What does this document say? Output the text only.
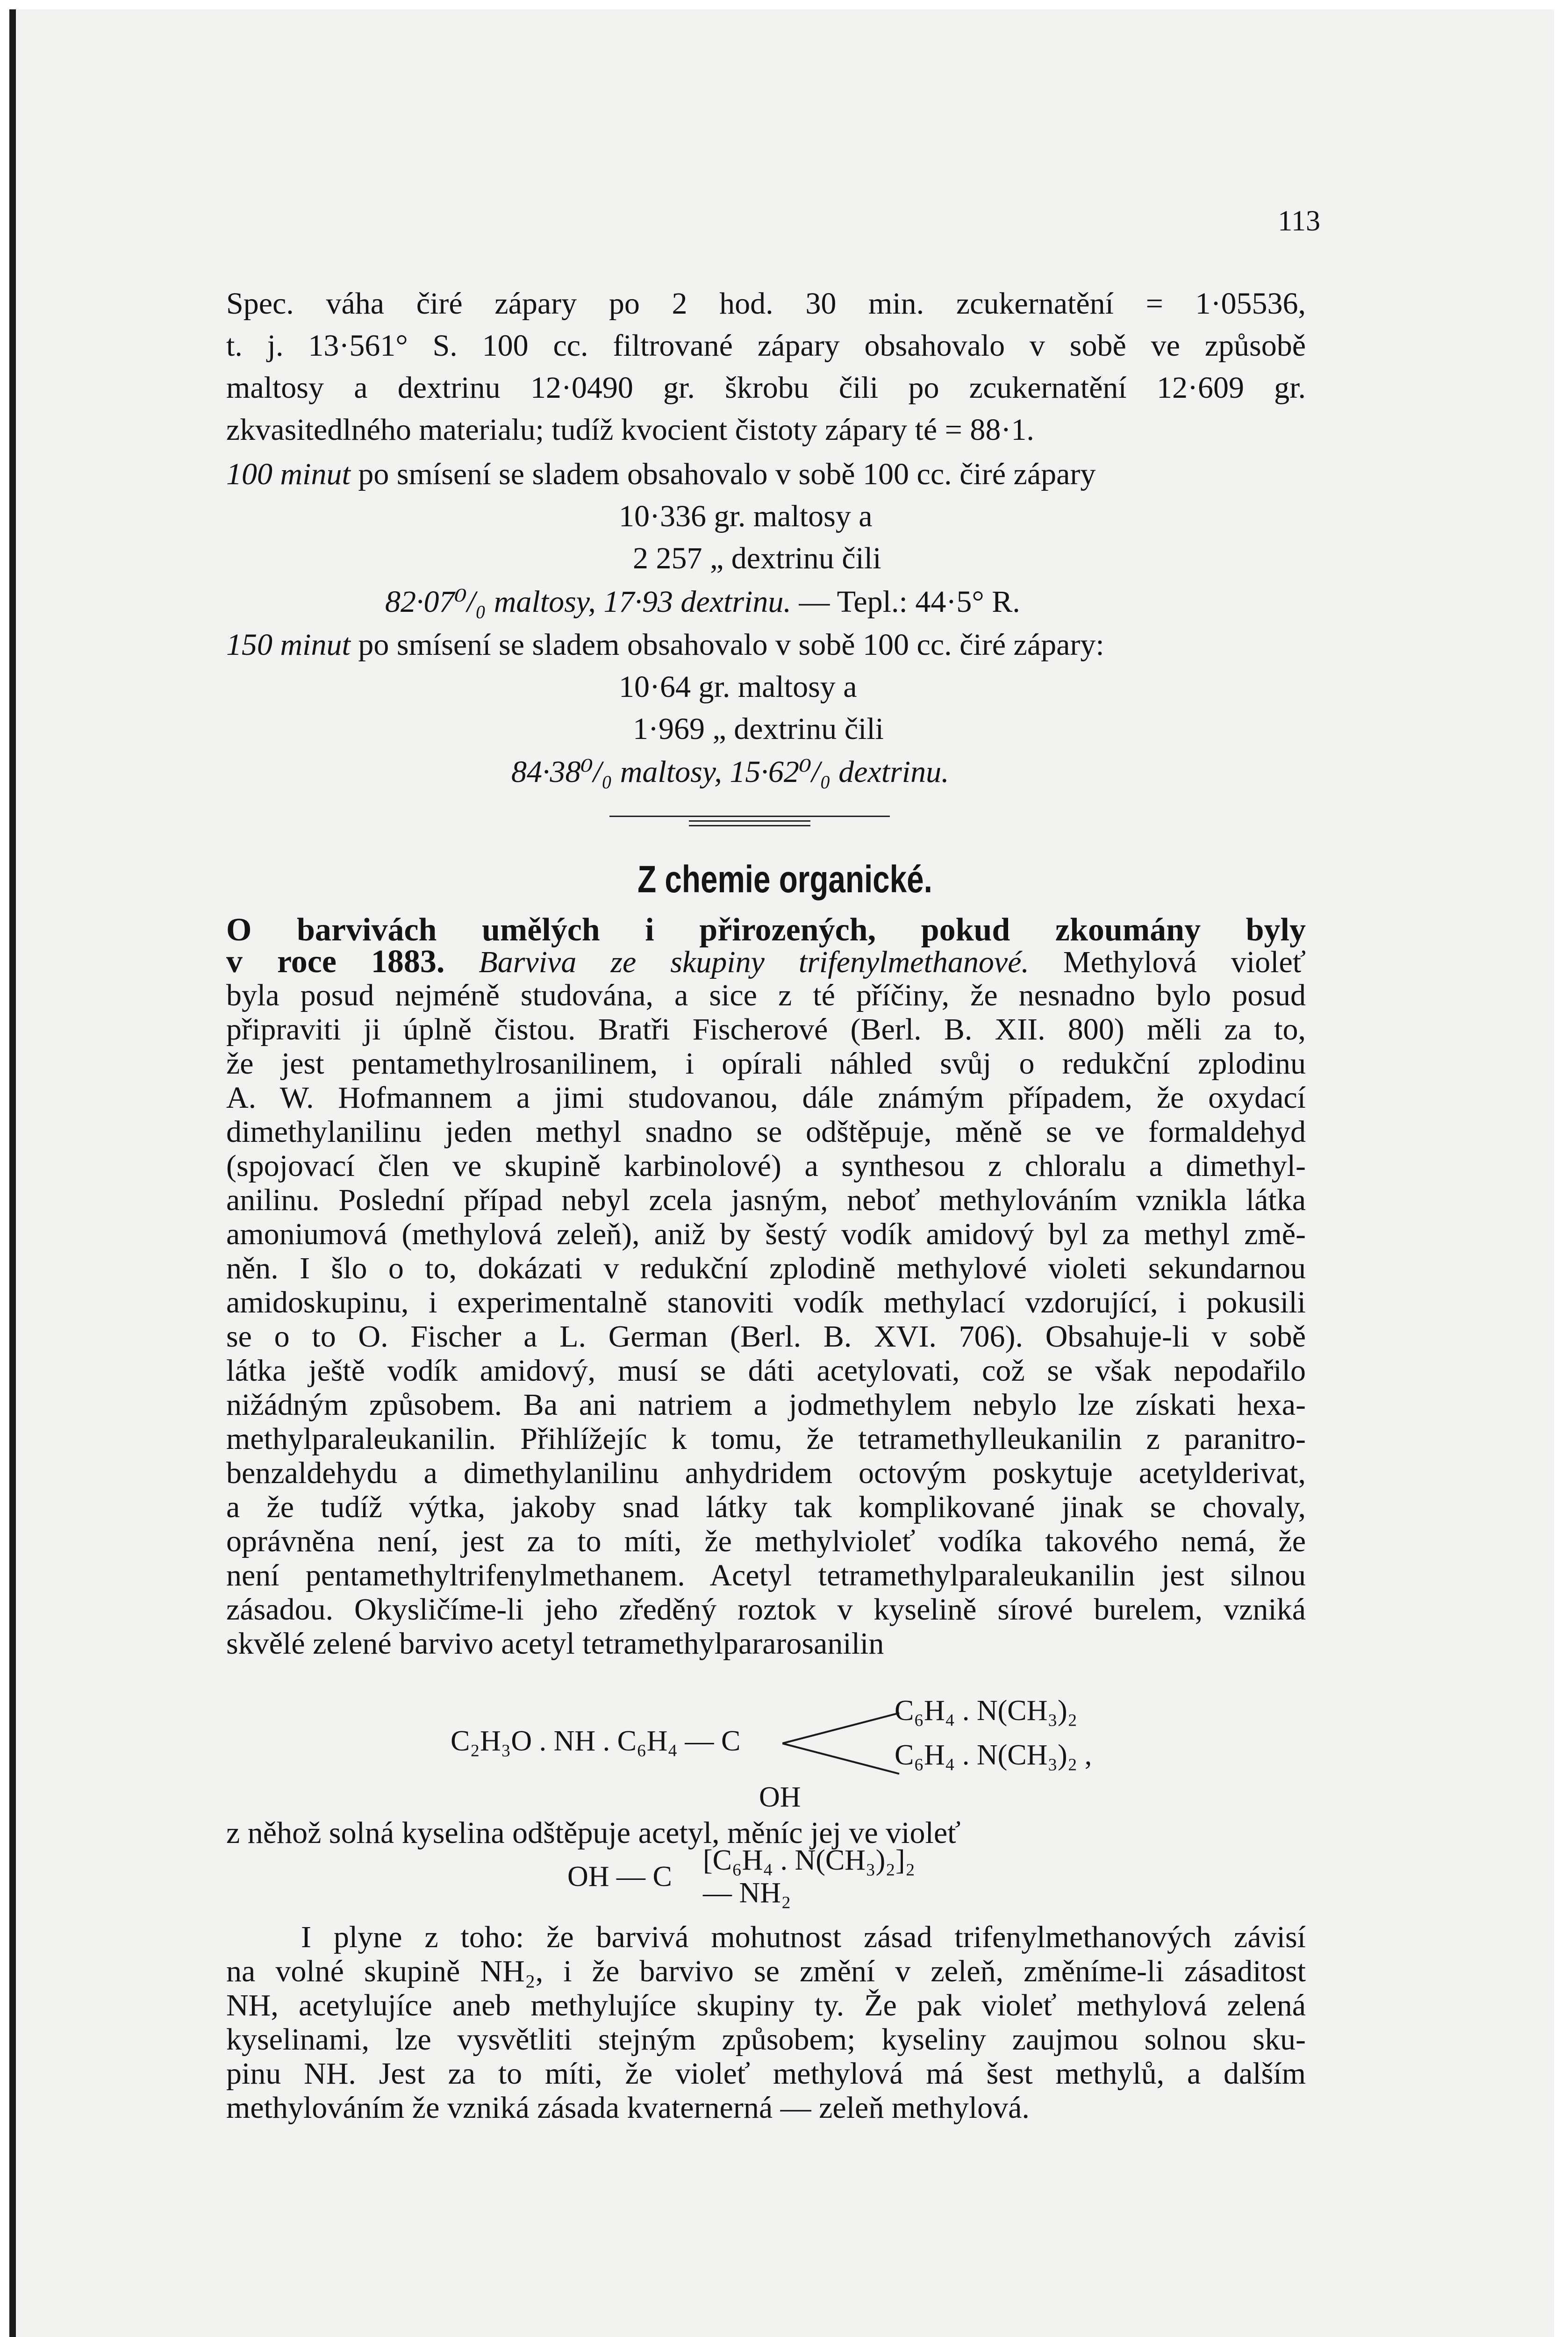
113
Spec. váha čiré zápary po 2 hod. 30 min. zcukernatění = 1·05536,
t. j. 13·561° S. 100 cc. filtrované zápary obsahovalo v sobě ve způsobě
maltosy a dextrinu 12·0490 gr. škrobu čili po zcukernatění 12·609 gr.
zkvasitedlného materialu; tudíž kvocient čistoty zápary té = 88·1.
100 minut po smísení se sladem obsahovalo v sobě 100 cc. čiré zápary
10·336 gr. maltosy a
2 257 „ dextrinu čili
82·07⁰/₀ maltosy, 17·93 dextrinu. — Tepl.: 44·5° R.
150 minut po smísení se sladem obsahovalo v sobě 100 cc. čiré zápary:
10·64 gr. maltosy a
1·969 „ dextrinu čili
84·38⁰/₀ maltosy, 15·62⁰/₀ dextrinu.
Z chemie organické.
O barvivách umělých i přirozených, pokud zkoumány byly
v roce 1883. Barviva ze skupiny trifenylmethanové. Methylová violeť
byla posud nejméně studována, a sice z té příčiny, že nesnadno bylo posud
připraviti ji úplně čistou. Bratři Fischerové (Berl. B. XII. 800) měli za to,
že jest pentamethylrosanilinem, i opírali náhled svůj o redukční zplodinu
A. W. Hofmannem a jimi studovanou, dále známým případem, že oxydací
dimethylanilinu jeden methyl snadno se odštěpuje, měně se ve formaldehyd
(spojovací člen ve skupině karbinolové) a synthesou z chloralu a dimethyl-
anilinu. Poslední případ nebyl zcela jasným, neboť methylováním vznikla látka
amoniumová (methylová zeleň), aniž by šestý vodík amidový byl za methyl změ-
něn. I šlo o to, dokázati v redukční zplodině methylové violeti sekundarnou
amidoskupinu, i experimentalně stanoviti vodík methylací vzdorující, i pokusili
se o to O. Fischer a L. German (Berl. B. XVI. 706). Obsahuje-li v sobě
látka ještě vodík amidový, musí se dáti acetylovati, což se však nepodařilo
nižádným způsobem. Ba ani natriem a jodmethylem nebylo lze získati hexa-
methylparaleukanilin. Přihlížejíc k tomu, že tetramethylleukanilin z paranitro-
benzaldehydu a dimethylanilinu anhydridem octovým poskytuje acetylderivat,
a že tudíž výtka, jakoby snad látky tak komplikované jinak se chovaly,
oprávněna není, jest za to míti, že methylvioleť vodíka takového nemá, že
není pentamethyltrifenylmethanem. Acetyl tetramethylparaleukanilin jest silnou
zásadou. Okysličíme-li jeho zředěný roztok v kyselině sírové burelem, vzniká
skvělé zelené barvivo acetyl tetramethylpararosanilin
C₂H₃O . NH . C₆H₄ — C
C₆H₄ . N(CH₃)₂
C₆H₄ . N(CH₃)₂ ,
OH
z něhož solná kyselina odštěpuje acetyl, měníc jej ve violeť
OH — C
[C₆H₄ . N(CH₃)₂]₂
— NH₂
I plyne z toho: že barvivá mohutnost zásad trifenylmethanových závisí
na volné skupině NH₂, i že barvivo se změní v zeleň, změníme-li zásaditost
NH, acetylujíce aneb methylujíce skupiny ty. Že pak violeť methylová zelená
kyselinami, lze vysvětliti stejným způsobem; kyseliny zaujmou solnou sku-
pinu NH. Jest za to míti, že violeť methylová má šest methylů, a dalším
methylováním že vzniká zásada kvaternerná — zeleň methylová.
